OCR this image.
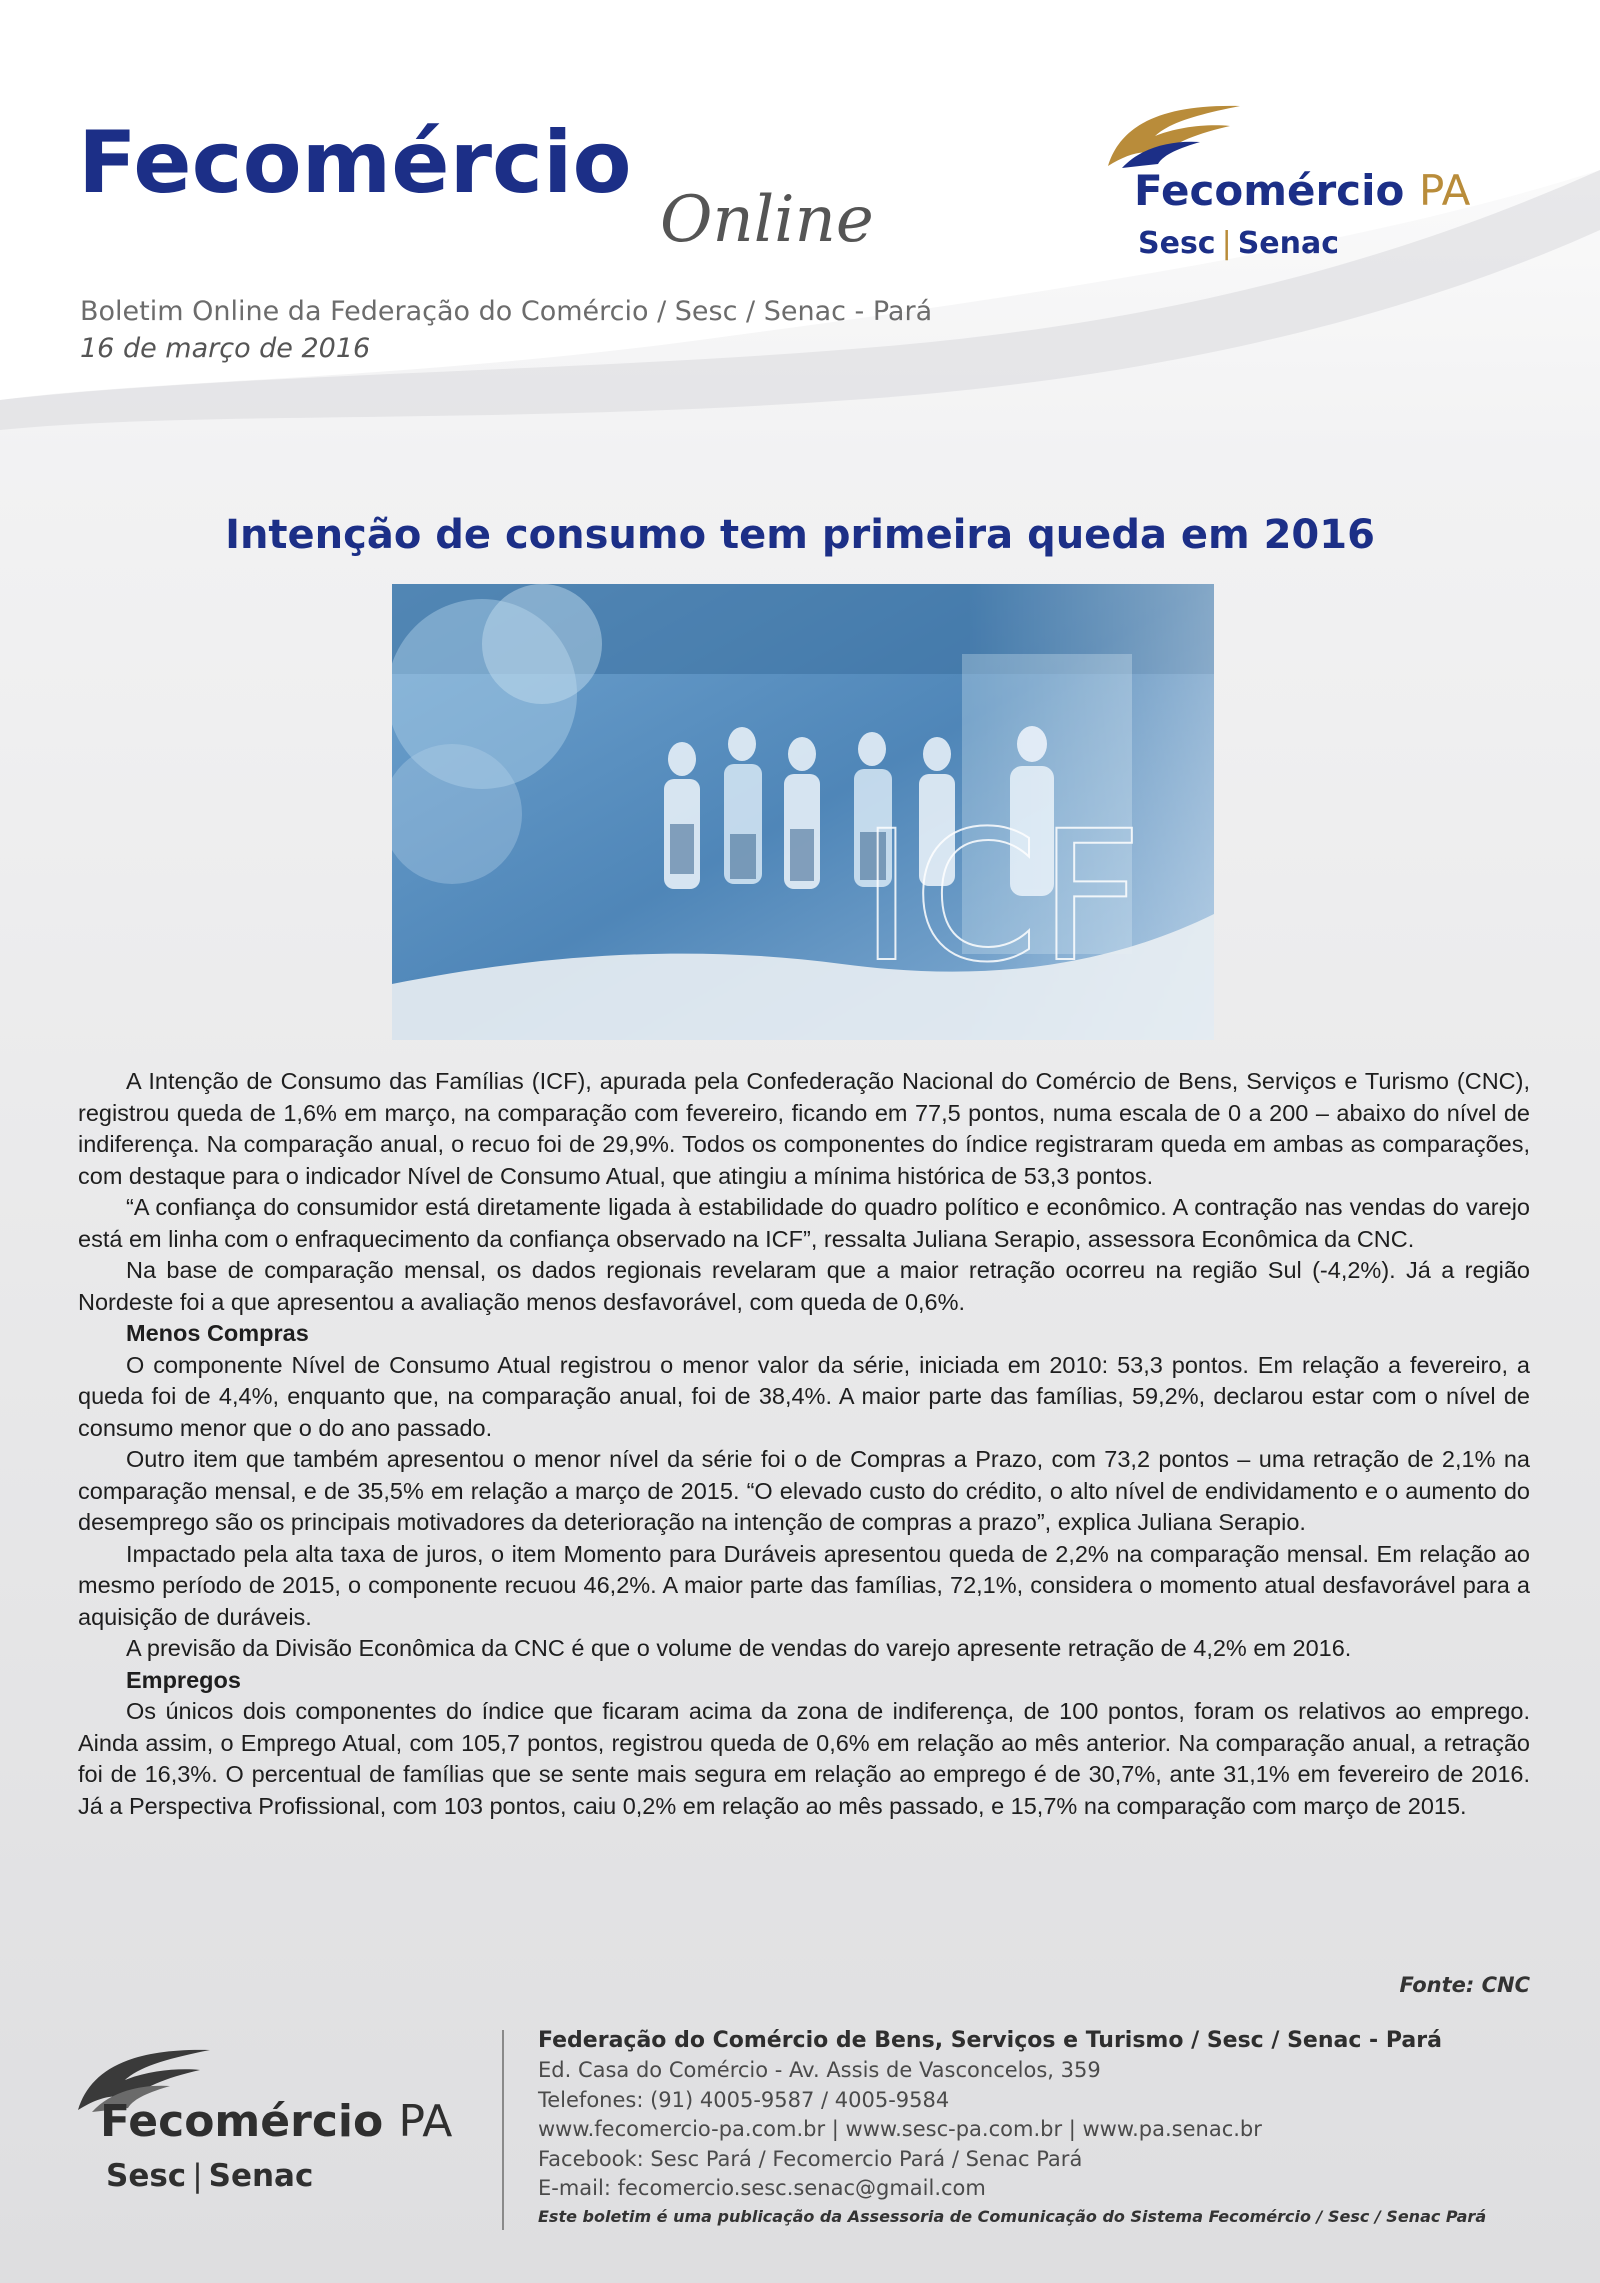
Fecomércio
Online
Boletim Online da Federação do Comércio / Sesc / Senac - Pará
16 de março de 2016
Fecomércio PA
Sesc | Senac
Intenção de consumo tem primeira queda em 2016

A Intenção de Consumo das Famílias (ICF), apurada pela Confederação Nacional do Comércio de Bens, Serviços e Turismo (CNC), registrou queda de 1,6% em março, na comparação com fevereiro, ficando em 77,5 pontos, numa escala de 0 a 200 – abaixo do nível de indiferença. Na comparação anual, o recuo foi de 29,9%. Todos os componentes do índice registraram queda em ambas as comparações, com destaque para o indicador Nível de Consumo Atual, que atingiu a mínima histórica de 53,3 pontos.

“A confiança do consumidor está diretamente ligada à estabilidade do quadro político e econômico. A contração nas vendas do varejo está em linha com o enfraquecimento da confiança observado na ICF”, ressalta Juliana Serapio, assessora Econômica da CNC.

Na base de comparação mensal, os dados regionais revelaram que a maior retração ocorreu na região Sul (-4,2%). Já a região Nordeste foi a que apresentou a avaliação menos desfavorável, com queda de 0,6%.

Menos Compras

O componente Nível de Consumo Atual registrou o menor valor da série, iniciada em 2010: 53,3 pontos. Em relação a fevereiro, a queda foi de 4,4%, enquanto que, na comparação anual, foi de 38,4%. A maior parte das famílias, 59,2%, declarou estar com o nível de consumo menor que o do ano passado.

Outro item que também apresentou o menor nível da série foi o de Compras a Prazo, com 73,2 pontos – uma retração de 2,1% na comparação mensal, e de 35,5% em relação a março de 2015. “O elevado custo do crédito, o alto nível de endividamento e o aumento do desemprego são os principais motivadores da deterioração na intenção de compras a prazo”, explica Juliana Serapio.

Impactado pela alta taxa de juros, o item Momento para Duráveis apresentou queda de 2,2% na comparação mensal. Em relação ao mesmo período de 2015, o componente recuou 46,2%. A maior parte das famílias, 72,1%, considera o momento atual desfavorável para a aquisição de duráveis.

A previsão da Divisão Econômica da CNC é que o volume de vendas do varejo apresente retração de 4,2% em 2016.

Empregos

Os únicos dois componentes do índice que ficaram acima da zona de indiferença, de 100 pontos, foram os relativos ao emprego. Ainda assim, o Emprego Atual, com 105,7 pontos, registrou queda de 0,6% em relação ao mês anterior. Na comparação anual, a retração foi de 16,3%. O percentual de famílias que se sente mais segura em relação ao emprego é de 30,7%, ante 31,1% em fevereiro de 2016. Já a Perspectiva Profissional, com 103 pontos, caiu 0,2% em relação ao mês passado, e 15,7% na comparação com março de 2015.

Fonte: CNC
Fecomércio PA
Sesc | Senac
Federação do Comércio de Bens, Serviços e Turismo / Sesc / Senac - Pará
Ed. Casa do Comércio - Av. Assis de Vasconcelos, 359
Telefones: (91) 4005-9587 / 4005-9584
www.fecomercio-pa.com.br | www.sesc-pa.com.br | www.pa.senac.br
Facebook: Sesc Pará / Fecomercio Pará / Senac Pará
E-mail: fecomercio.sesc.senac@gmail.com
Este boletim é uma publicação da Assessoria de Comunicação do Sistema Fecomércio / Sesc / Senac Pará
